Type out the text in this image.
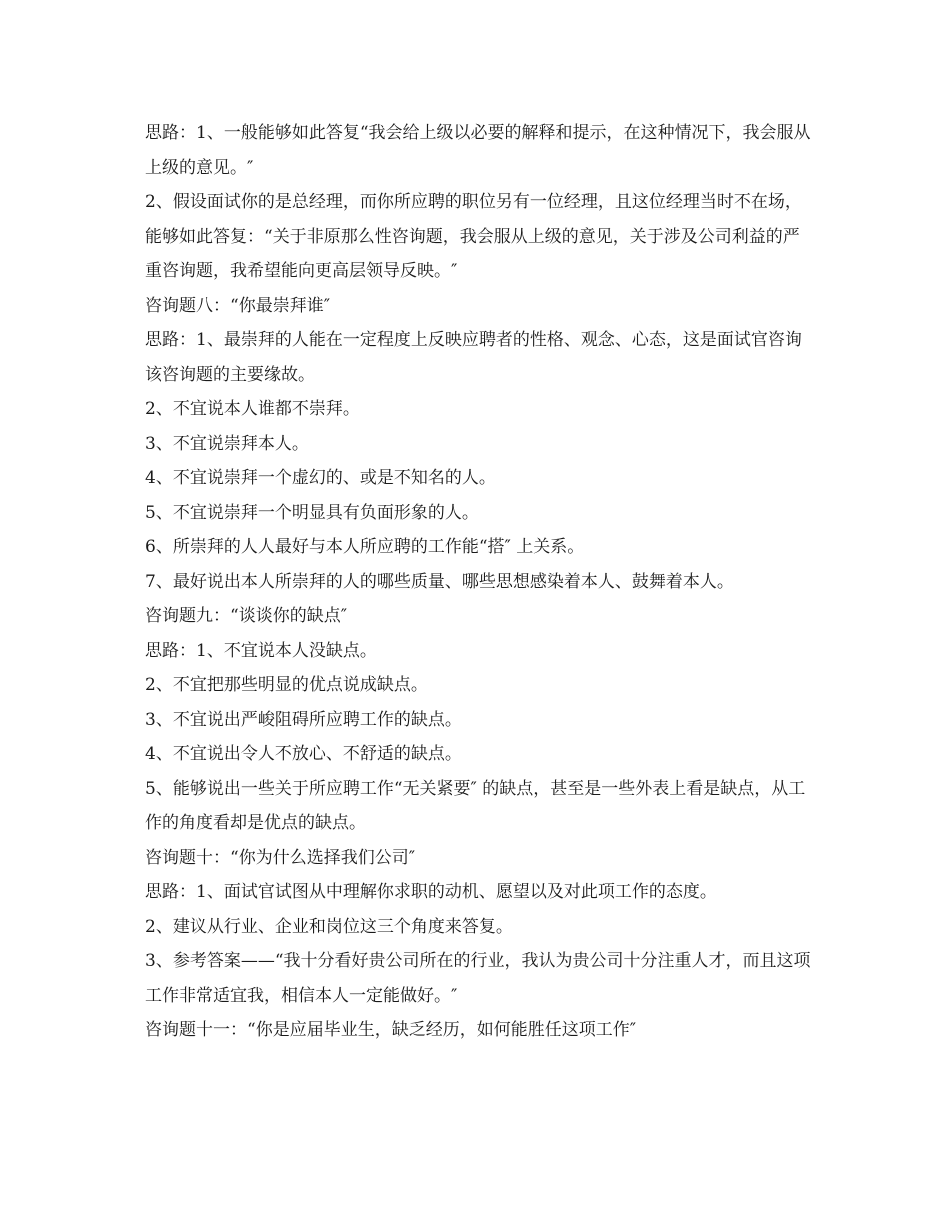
思路：1、一般能够如此答复“我会给上级以必要的解释和提示，在这种情况下，我会服从上级的意见。″

2、假设面试你的是总经理，而你所应聘的职位另有一位经理，且这位经理当时不在场，能够如此答复：“关于非原那么性咨询题，我会服从上级的意见，关于涉及公司利益的严重咨询题，我希望能向更高层领导反映。″

咨询题八：“你最崇拜谁″

思路：1、最崇拜的人能在一定程度上反映应聘者的性格、观念、心态，这是面试官咨询该咨询题的主要缘故。

2、不宜说本人谁都不崇拜。

3、不宜说崇拜本人。

4、不宜说崇拜一个虚幻的、或是不知名的人。

5、不宜说崇拜一个明显具有负面形象的人。

6、所崇拜的人人最好与本人所应聘的工作能“搭″ 上关系。

7、最好说出本人所崇拜的人的哪些质量、哪些思想感染着本人、鼓舞着本人。

咨询题九：“谈谈你的缺点″

思路：1、不宜说本人没缺点。

2、不宜把那些明显的优点说成缺点。

3、不宜说出严峻阻碍所应聘工作的缺点。

4、不宜说出令人不放心、不舒适的缺点。

5、能够说出一些关于所应聘工作“无关紧要″ 的缺点，甚至是一些外表上看是缺点，从工作的角度看却是优点的缺点。

咨询题十：“你为什么选择我们公司″

思路：1、面试官试图从中理解你求职的动机、愿望以及对此项工作的态度。

2、建议从行业、企业和岗位这三个角度来答复。

3、参考答案——“我十分看好贵公司所在的行业，我认为贵公司十分注重人才，而且这项工作非常适宜我，相信本人一定能做好。″

咨询题十一：“你是应届毕业生，缺乏经历，如何能胜任这项工作″
